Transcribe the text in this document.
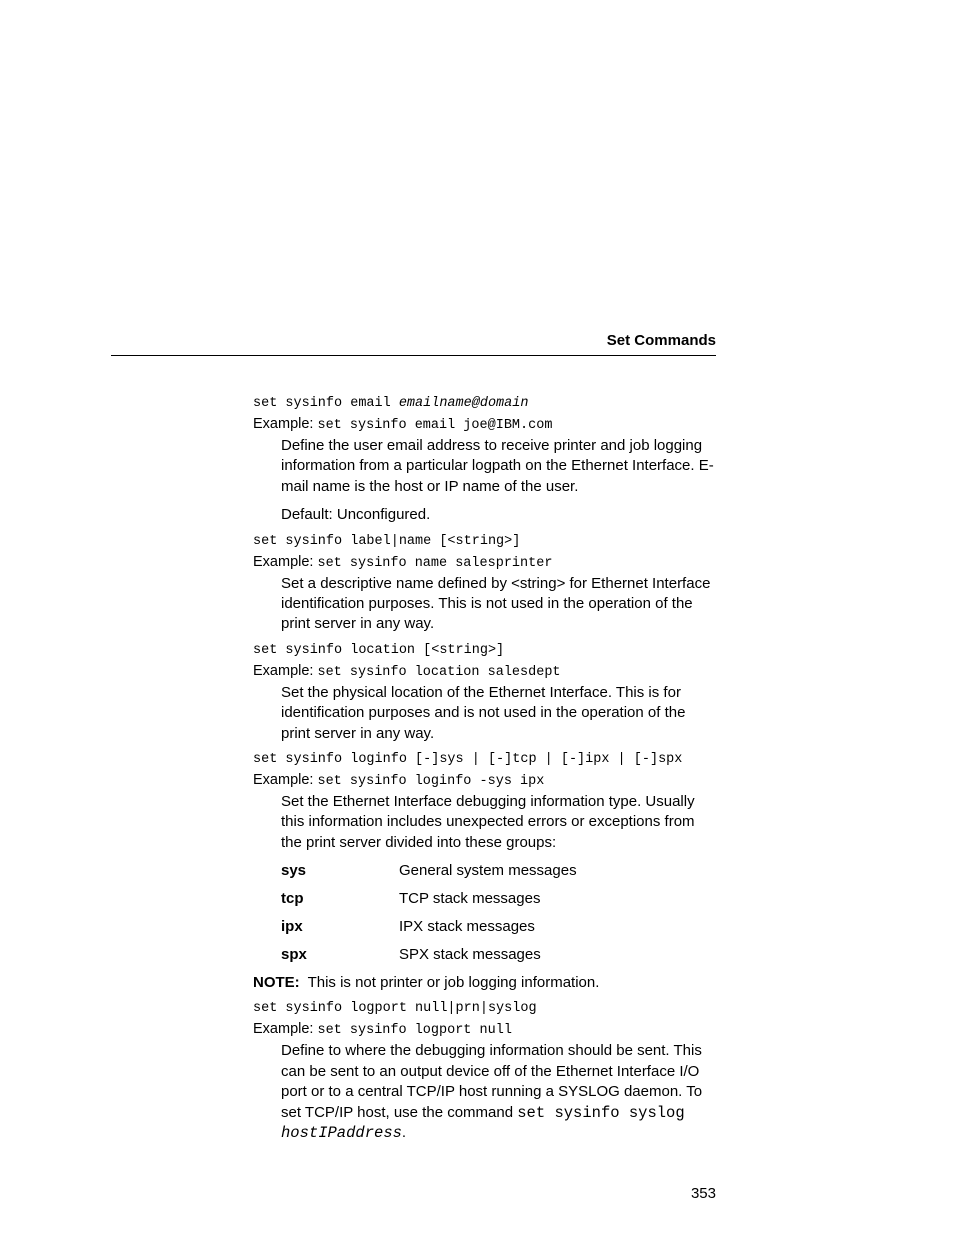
Set Commands
set sysinfo email emailname@domain
Example: set sysinfo email joe@IBM.com
Define the user email address to receive printer and job logging information from a particular logpath on the Ethernet Interface. E-mail name is the host or IP name of the user.
Default: Unconfigured.
set sysinfo label|name [<string>]
Example: set sysinfo name salesprinter
Set a descriptive name defined by <string> for Ethernet Interface identification purposes. This is not used in the operation of the print server in any way.
set sysinfo location [<string>]
Example: set sysinfo location salesdept
Set the physical location of the Ethernet Interface. This is for identification purposes and is not used in the operation of the print server in any way.
set sysinfo loginfo [-]sys | [-]tcp | [-]ipx | [-]spx
Example: set sysinfo loginfo -sys ipx
Set the Ethernet Interface debugging information type. Usually this information includes unexpected errors or exceptions from the print server divided into these groups:
sys	General system messages
tcp	TCP stack messages
ipx	IPX stack messages
spx	SPX stack messages
NOTE: This is not printer or job logging information.
set sysinfo logport null|prn|syslog
Example: set sysinfo logport null
Define to where the debugging information should be sent. This can be sent to an output device off of the Ethernet Interface I/O port or to a central TCP/IP host running a SYSLOG daemon. To set TCP/IP host, use the command set sysinfo syslog hostIPaddress.
353
